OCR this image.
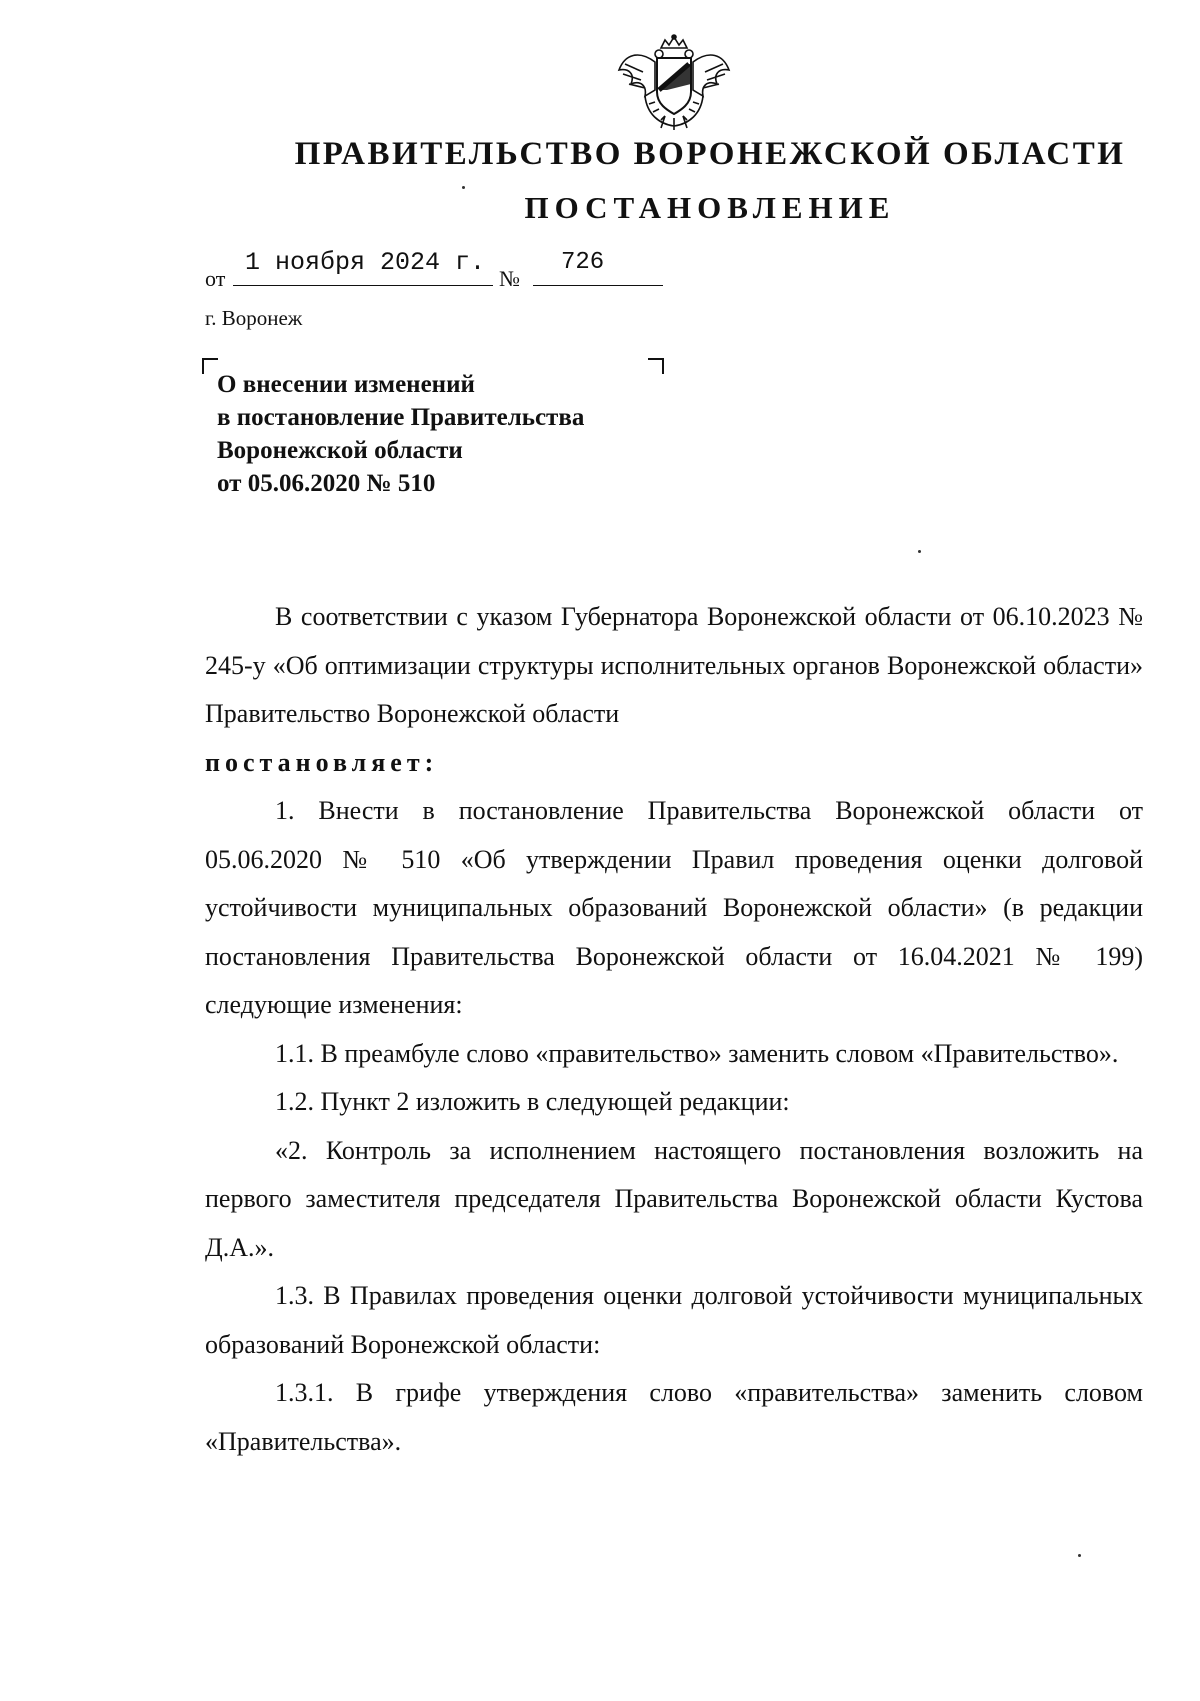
ПРАВИТЕЛЬСТВО ВОРОНЕЖСКОЙ ОБЛАСТИ
ПОСТАНОВЛЕНИЕ
от
1 ноября 2024 г.
№
726
г. Воронеж
О внесении изменений
в постановление Правительства
Воронежской области
от 05.06.2020 № 510

В соответствии с указом Губернатора Воронежской области от 06.10.2023 № 245-у «Об оптимизации структуры исполнительных органов Воронежской области» Правительство Воронежской области

постановляет:

1. Внести в постановление Правительства Воронежской области от 05.06.2020 № 510 «Об утверждении Правил проведения оценки долговой устойчивости муниципальных образований Воронежской области» (в редакции постановления Правительства Воронежской области от 16.04.2021 № 199) следующие изменения:

1.1. В преамбуле слово «правительство» заменить словом «Правительство».

1.2. Пункт 2 изложить в следующей редакции:

«2. Контроль за исполнением настоящего постановления возложить на первого заместителя председателя Правительства Воронежской области Кустова Д.А.».

1.3. В Правилах проведения оценки долговой устойчивости муниципальных образований Воронежской области:

1.3.1. В грифе утверждения слово «правительства» заменить словом «Правительства».
